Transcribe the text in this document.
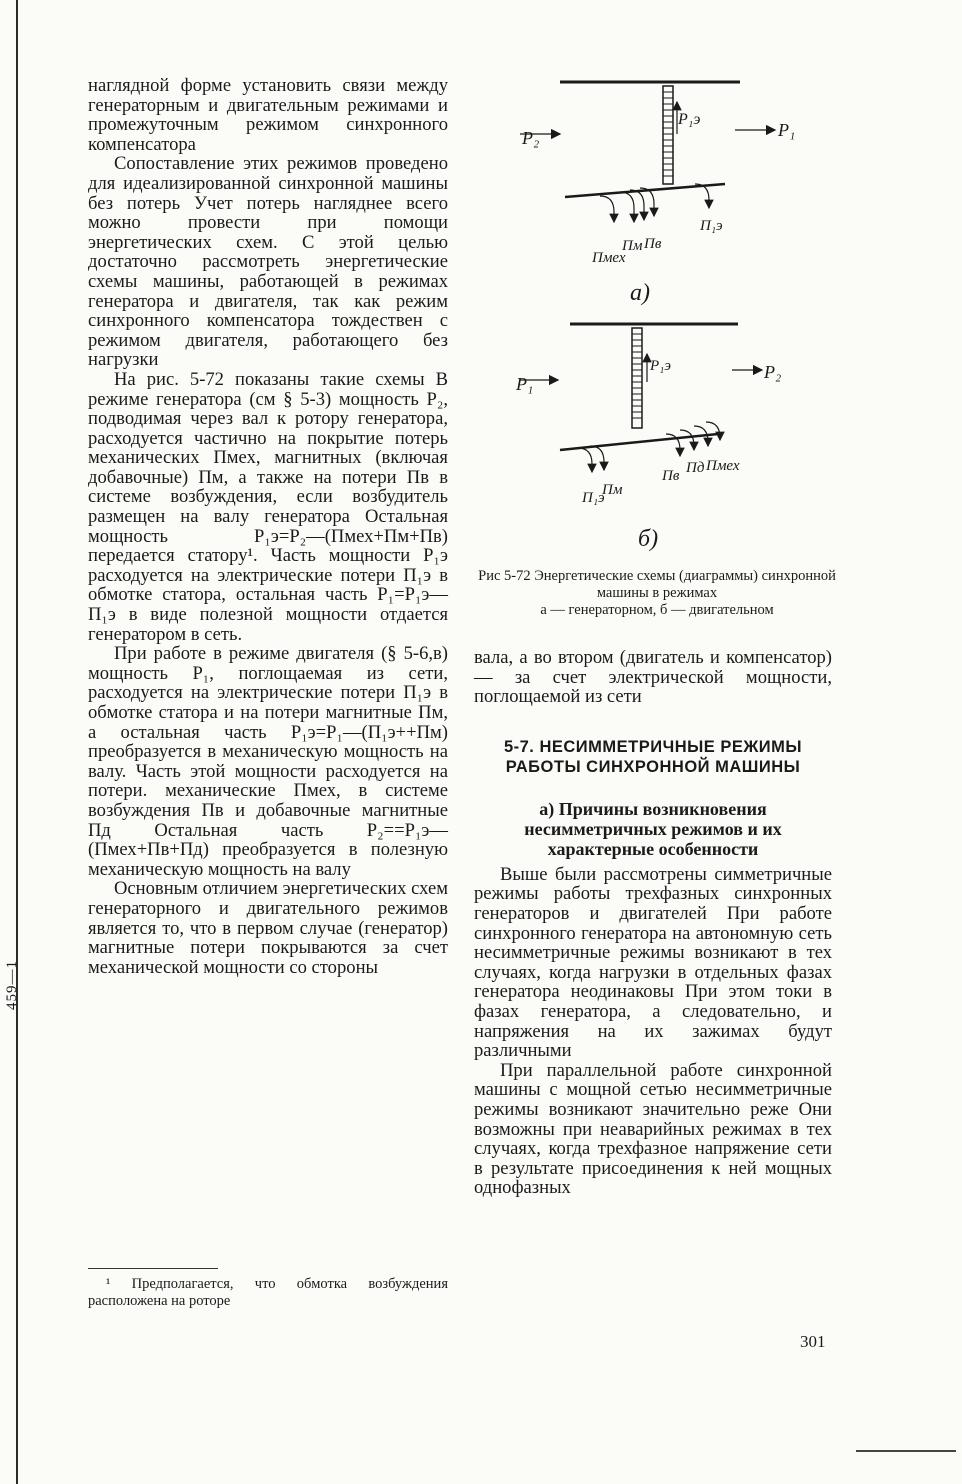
459—1

наглядной форме установить связи между генераторным и двигательным режимами и промежуточным режимом синхронного компенсатора

Сопоставление этих режимов проведено для идеализированной синхронной машины без потерь Учет потерь нагляднее всего можно провести при помощи энергетических схем. С этой целью достаточно рассмотреть энергетические схемы машины, работающей в режимах генератора и двигателя, так как режим синхронного компенсатора тождествен с режимом двигателя, работающего без нагрузки

На рис. 5-72 показаны такие схемы В режиме генератора (см § 5-3) мощность P₂, подводимая через вал к ротору генератора, расходуется частично на покрытие потерь механических Пмех, магнитных (включая добавочные) Пм, а также на потери Пв в системе возбуждения, если возбудитель размещен на валу генератора Остальная мощность P₁э=P₂—(Пмех+Пм+Пв) передается статору¹. Часть мощности P₁э расходуется на электрические потери П₁э в обмотке статора, остальная часть P₁=P₁э—П₁э в виде полезной мощности отдается генератором в сеть.

При работе в режиме двигателя (§ 5-6,в) мощность P₁, поглощаемая из сети, расходуется на электрические потери П₁э в обмотке статора и на потери магнитные Пм, а остальная часть P₁э=P₁—(П₁э++Пм) преобразуется в механическую мощность на валу. Часть этой мощности расходуется на потери. механические Пмех, в системе возбуждения Пв и добавочные магнитные Пд Остальная часть P₂==P₁э—(Пмех+Пв+Пд) преобразуется в полезную механическую мощность на валу

Основным отличием энергетических схем генераторного и двигательного режимов является то, что в первом случае (генератор) магнитные потери покрываются за счет механической мощности со стороны

¹ Предполагается, что обмотка возбуждения расположена на роторе
P₂
P₁э
P₁
Пм Пв
Пмех
П₁э
а)
P₁
P₁э	P₂
Пм
П₁э
Пв Пд Пмех
б)
Рис 5-72 Энергетические схемы (диаграммы) синхронной машины в режимах
а — генераторном, б — двигательном

вала, а во втором (двигатель и компенсатор) — за счет электрической мощности, поглощаемой из сети

5-7. НЕСИММЕТРИЧНЫЕ РЕЖИМЫ РАБОТЫ СИНХРОННОЙ МАШИНЫ
а) Причины возникновения несимметричных режимов и их характерные особенности

Выше были рассмотрены симметричные режимы работы трехфазных синхронных генераторов и двигателей При работе синхронного генератора на автономную сеть несимметричные режимы возникают в тех случаях, когда нагрузки в отдельных фазах генератора неодинаковы При этом токи в фазах генератора, а следовательно, и напряжения на их зажимах будут различными

При параллельной работе синхронной машины с мощной сетью несимметричные режимы возникают значительно реже Они возможны при неаварийных режимах в тех случаях, когда трехфазное напряжение сети в результате присоединения к ней мощных однофазных

301
